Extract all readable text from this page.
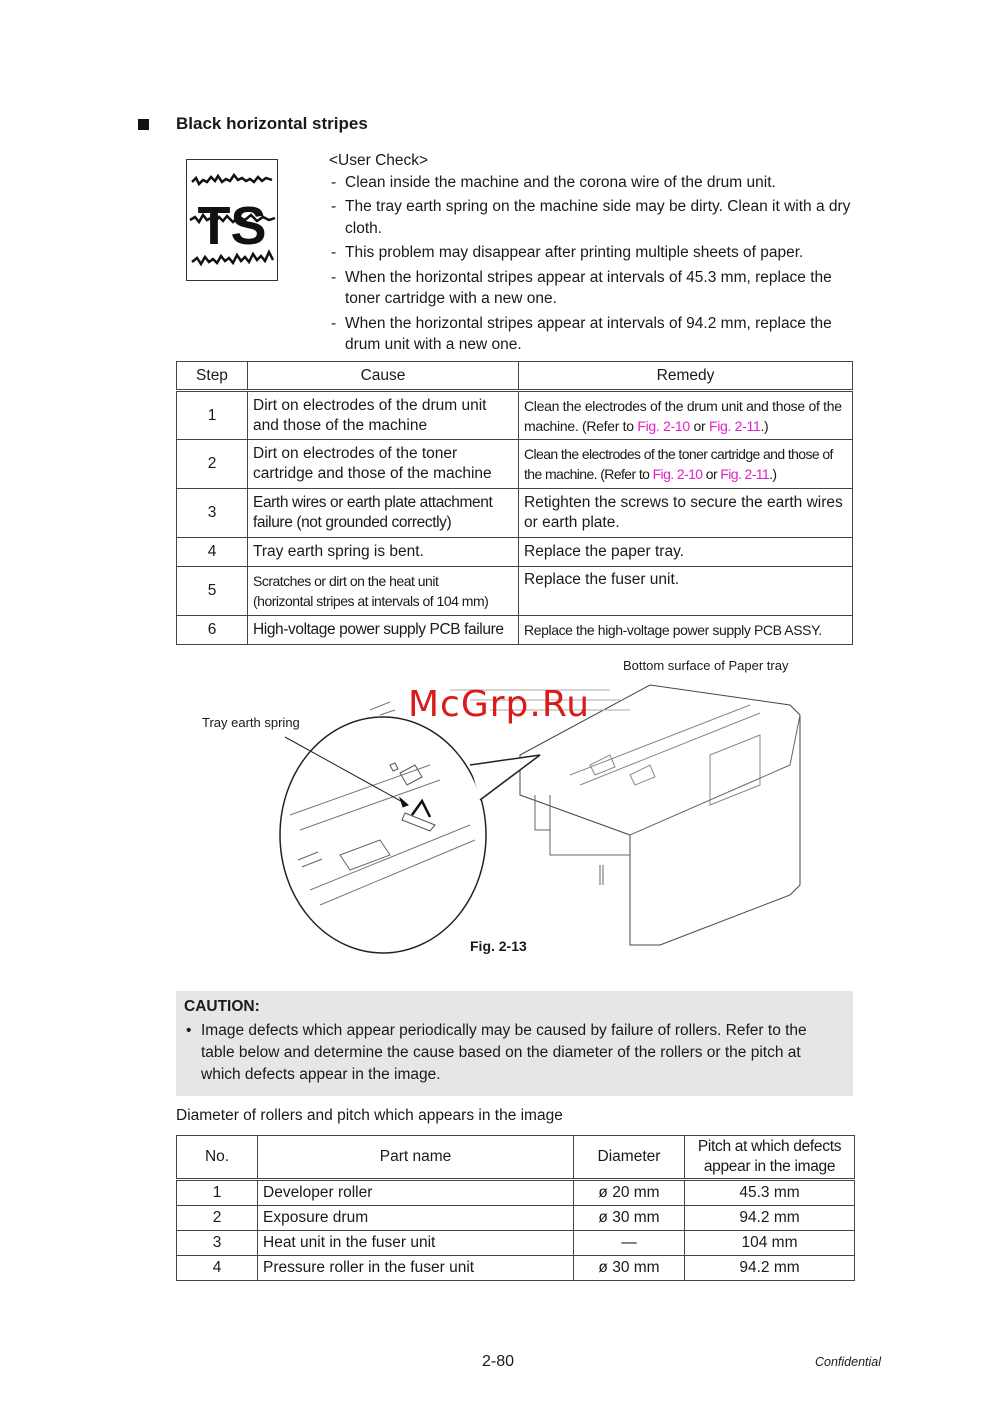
Black horizontal stripes
TS
<User Check>
- Clean inside the machine and the corona wire of the drum unit.
- The tray earth spring on the machine side may be dirty. Clean it with a dry cloth.
- This problem may disappear after printing multiple sheets of paper.
- When the horizontal stripes appear at intervals of 45.3 mm, replace the toner cartridge with a new one.
- When the horizontal stripes appear at intervals of 94.2 mm, replace the drum unit with a new one.
Step	Cause	Remedy
1	Dirt on electrodes of the drum unit and those of the machine	Clean the electrodes of the drum unit and those of the machine. (Refer to Fig. 2-10 or Fig. 2-11.)
2	Dirt on electrodes of the toner cartridge and those of the machine	Clean the electrodes of the toner cartridge and those of the machine. (Refer to Fig. 2-10 or Fig. 2-11.)
3	Earth wires or earth plate attachment failure (not grounded correctly)	Retighten the screws to secure the earth wires or earth plate.
4	Tray earth spring is bent.	Replace the paper tray.
5	Scratches or dirt on the heat unit
(horizontal stripes at intervals of 104 mm)	Replace the fuser unit.
6	High-voltage power supply PCB failure	Replace the high-voltage power supply PCB ASSY.
Bottom surface of Paper tray
Tray earth spring	McGrp.Ru
Fig. 2-13
CAUTION:
• Image defects which appear periodically may be caused by failure of rollers. Refer to the table below and determine the cause based on the diameter of the rollers or the pitch at which defects appear in the image.
Diameter of rollers and pitch which appears in the image
No.	Part name	Diameter	Pitch at which defects appear in the image
1	Developer roller	ø 20 mm	45.3 mm
2	Exposure drum	ø 30 mm	94.2 mm
3	Heat unit in the fuser unit	—	104 mm
4	Pressure roller in the fuser unit	ø 30 mm	94.2 mm
2-80	Confidential
